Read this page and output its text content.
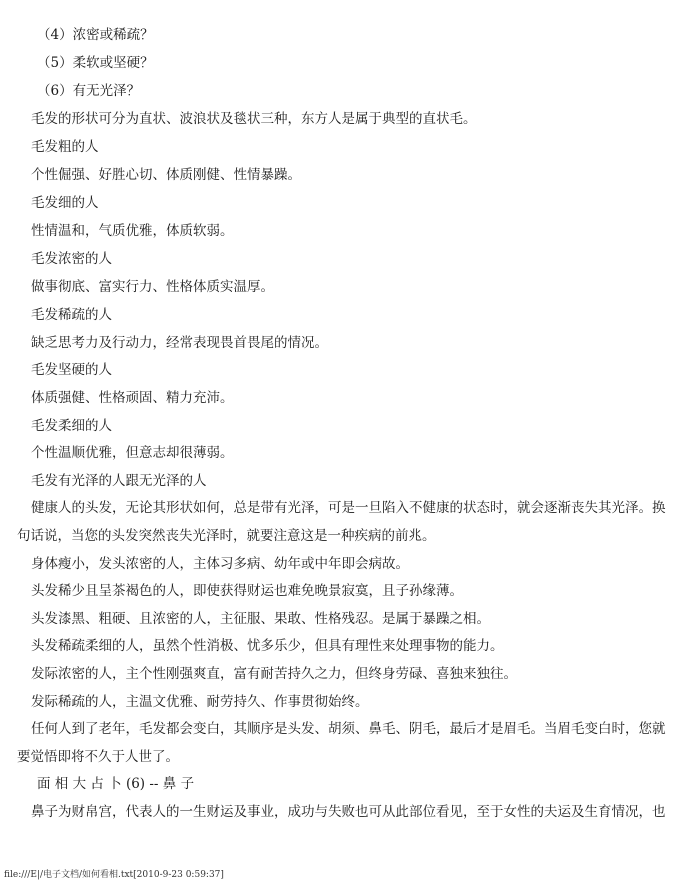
（4）浓密或稀疏？
（5）柔软或坚硬？
（6）有无光泽？
毛发的形状可分为直状、波浪状及毯状三种，东方人是属于典型的直状毛。
毛发粗的人
个性倔强、好胜心切、体质刚健、性情暴躁。
毛发细的人
性情温和，气质优雅，体质软弱。
毛发浓密的人
做事彻底、富实行力、性格体质实温厚。
毛发稀疏的人
缺乏思考力及行动力，经常表现畏首畏尾的情况。
毛发坚硬的人
体质强健、性格顽固、精力充沛。
毛发柔细的人
个性温顺优雅，但意志却很薄弱。
毛发有光泽的人跟无光泽的人
健康人的头发，无论其形状如何，总是带有光泽，可是一旦陷入不健康的状态时，就会逐渐丧失其光泽。换
句话说，当您的头发突然丧失光泽时，就要注意这是一种疾病的前兆。
身体瘦小，发头浓密的人，主体习多病、幼年或中年即会病故。
头发稀少且呈茶褐色的人，即使获得财运也难免晚景寂寞，且子孙缘薄。
头发漆黑、粗硬、且浓密的人，主征服、果敢、性格残忍。是属于暴躁之相。
头发稀疏柔细的人，虽然个性消极、忧多乐少，但具有理性来处理事物的能力。
发际浓密的人，主个性刚强爽直，富有耐苦持久之力，但终身劳碌、喜独来独往。
发际稀疏的人，主温文优雅、耐劳持久、作事贯彻始终。
任何人到了老年，毛发都会变白，其顺序是头发、胡须、鼻毛、阴毛，最后才是眉毛。当眉毛变白时，您就
要觉悟即将不久于人世了。
面 相 大 占 卜 (6) -- 鼻 子
鼻子为财帛宫，代表人的一生财运及事业，成功与失败也可从此部位看见，至于女性的夫运及生育情况，也
file:///E|/电子文档/如何看相.txt[2010-9-23 0:59:37]
